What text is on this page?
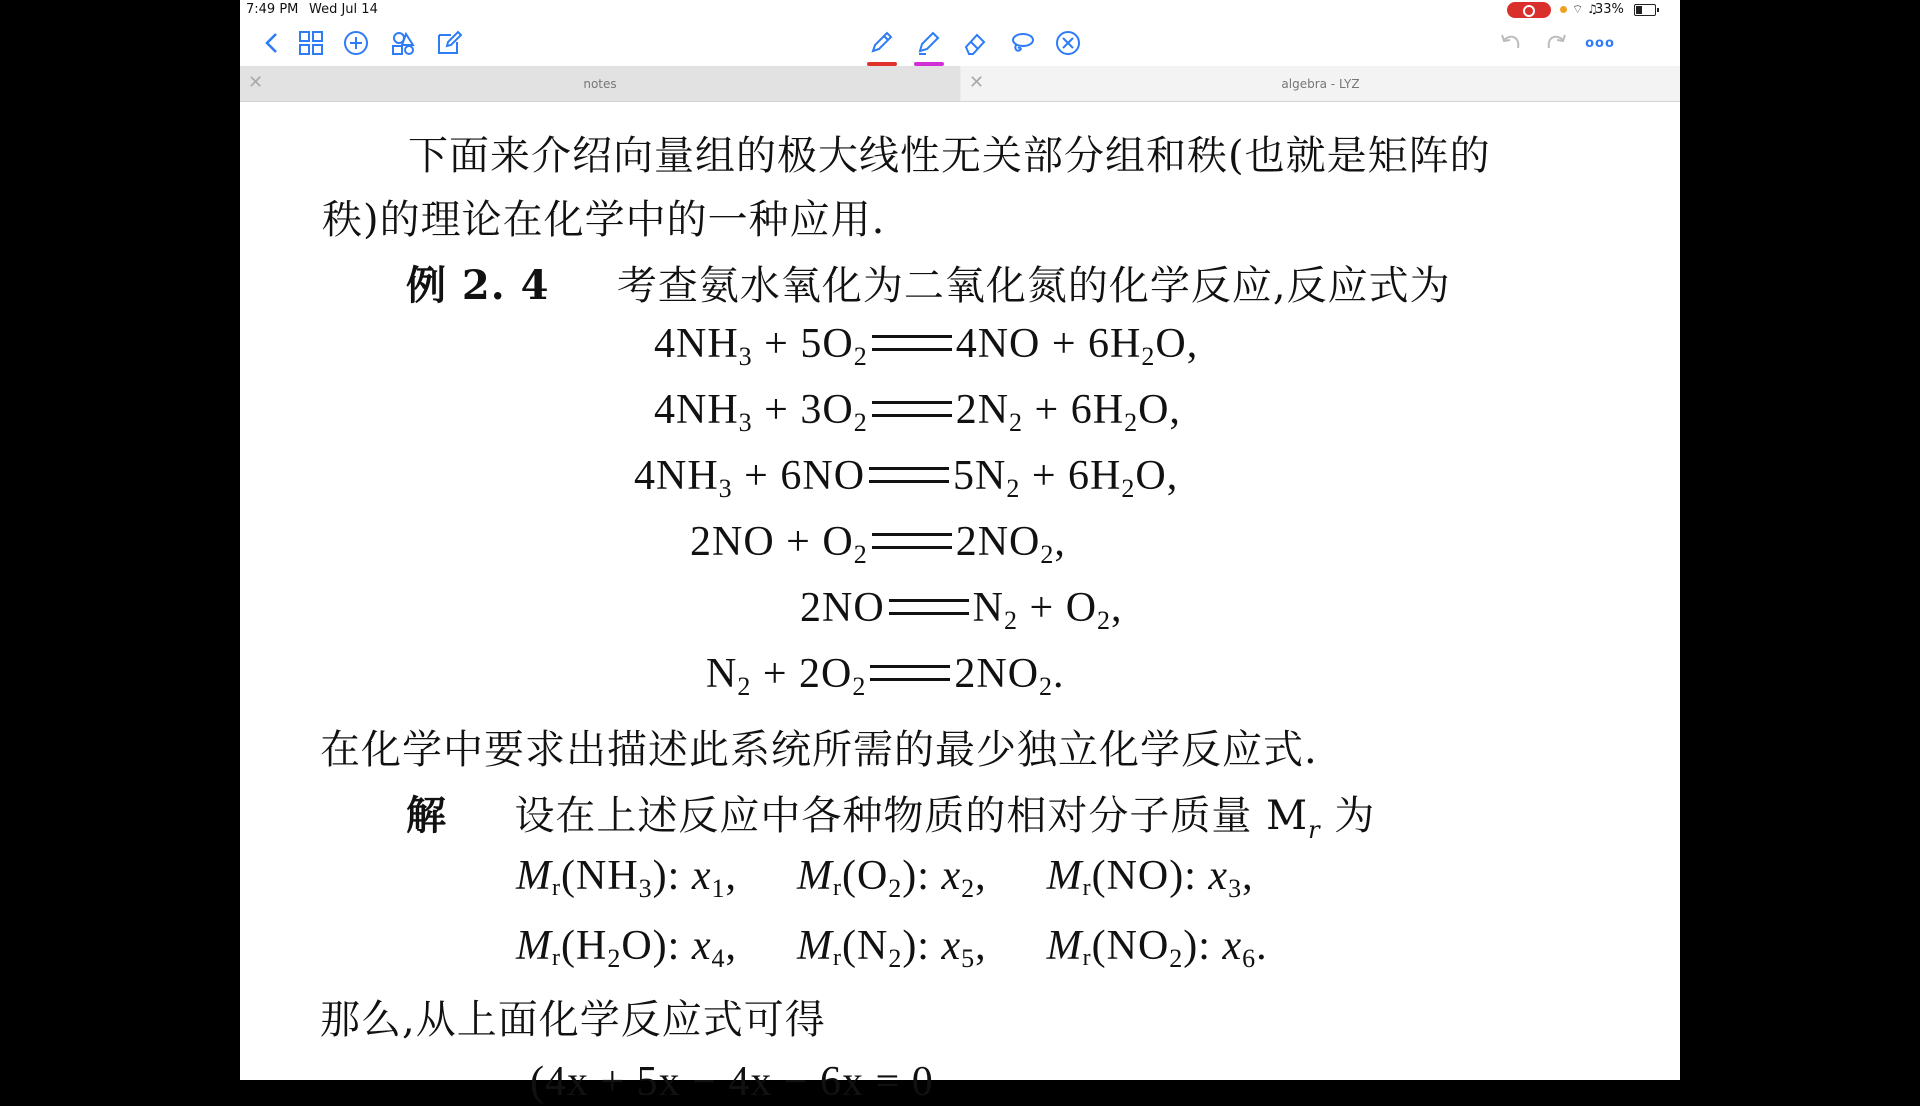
7:49 PM Wed Jul 14	⌔ ♫
33%
ooo
✕	notes	✕	algebra - LYZ
下面来介绍向量组的极大线性无关部分组和秩(也就是矩阵的
秩)的理论在化学中的一种应用.
例 2. 4 考查氨水氧化为二氧化氮的化学反应,反应式为
$4NH_3 + 5O_2$ $4NO + 6H_2O$,
$4NH_3 + 3O_2$ $2N_2 + 6H_2O$,
$4NH_3 + 6NO$ $5N_2 + 6H_2O$,
$2NO + O_2$ $2NO_2$,
2NO $N_2 + O_2$,
$N_2 + 2O_2$ $2NO_2$.
在化学中要求出描述此系统所需的最少独立化学反应式.
解 设在上述反应中各种物质的相对分子质量 $M_r$ 为
$M_r(NH_3)$: $x_1$, $M_r(O_2)$: $x_2$, $M_r(NO)$: $x_3$,
$M_r(H_2O)$: $x_4$, $M_r(N_2)$: $x_5$, $M_r(NO_2)$: $x_6$.
那么,从上面化学反应式可得
(4x + 5x − 4x − 6x = 0
